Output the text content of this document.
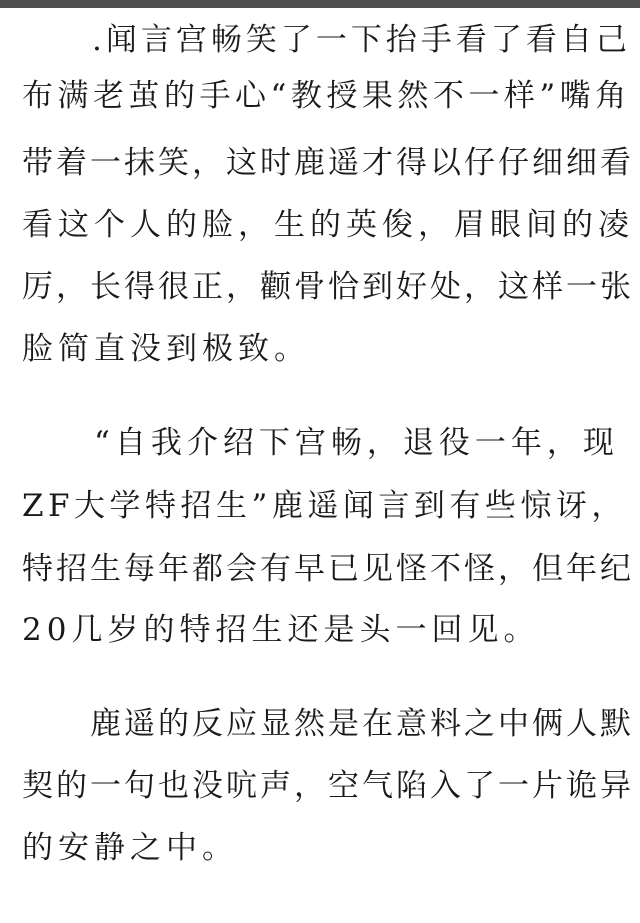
　　.闻言宫畅笑了一下抬手看了看自己
布满老茧的手心“教授果然不一样”嘴角
带着一抹笑，这时鹿遥才得以仔仔细细看
看这个人的脸，生的英俊，眉眼间的凌
厉，长得很正，颧骨恰到好处，这样一张
脸简直没到极致。
　　“自我介绍下宫畅，退役一年，现
ZF大学特招生”鹿遥闻言到有些惊讶，
特招生每年都会有早已见怪不怪，但年纪
20几岁的特招生还是头一回见。
　　鹿遥的反应显然是在意料之中俩人默
契的一句也没吭声，空气陷入了一片诡异
的安静之中。
